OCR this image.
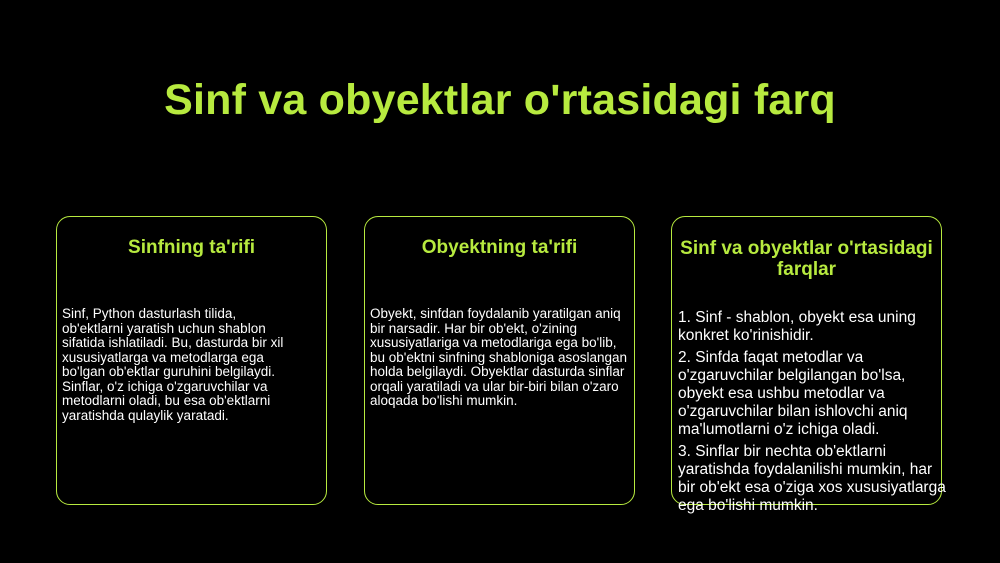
Sinf va obyektlar o'rtasidagi farq
Sinfning ta'rifi

Sinf, Python dasturlash tilida, ob'ektlarni yaratish uchun shablon sifatida ishlatiladi. Bu, dasturda bir xil xususiyatlarga va metodlarga ega bo'lgan ob'ektlar guruhini belgilaydi. Sinflar, o'z ichiga o'zgaruvchilar va metodlarni oladi, bu esa ob'ektlarni yaratishda qulaylik yaratadi.

Obyektning ta'rifi

Obyekt, sinfdan foydalanib yaratilgan aniq bir narsadir. Har bir ob'ekt, o'zining xususiyatlariga va metodlariga ega bo'lib, bu ob'ektni sinfning shabloniga asoslangan holda belgilaydi. Obyektlar dasturda sinflar orqali yaratiladi va ular bir-biri bilan o'zaro aloqada bo'lishi mumkin.

Sinf va obyektlar o'rtasidagi farqlar
1. Sinf - shablon, obyekt esa uning konkret ko'rinishidir.
2. Sinfda faqat metodlar va o'zgaruvchilar belgilangan bo'lsa, obyekt esa ushbu metodlar va o'zgaruvchilar bilan ishlovchi aniq ma'lumotlarni o'z ichiga oladi.
3. Sinflar bir nechta ob'ektlarni yaratishda foydalanilishi mumkin, har bir ob'ekt esa o'ziga xos xususiyatlarga ega bo'lishi mumkin.
